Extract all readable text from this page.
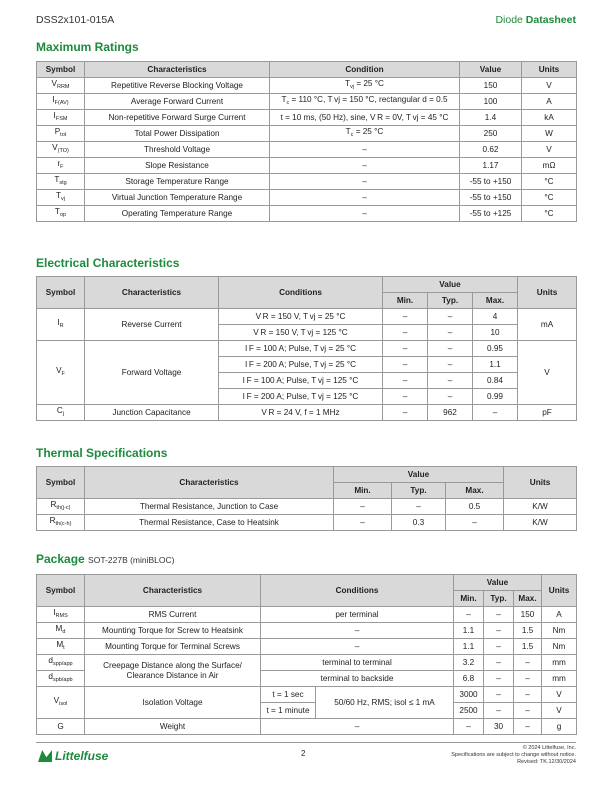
DSS2x101-015A	Diode Datasheet
Maximum Ratings
Symbol	Characteristics	Condition	Value	Units
$V_{RRM}$	Repetitive Reverse Blocking Voltage	$T_{vj} = 25$ °C	150	V
$I_{F(AV)}$	Average Forward Current	$T_c = 110$ °C, T vj = 150 °C, rectangular d = 0.5	100	A
$I_{FSM}$	Non-repetitive Forward Surge Current	t = 10 ms, (50 Hz), sine, V R = 0V, T vj = 45 °C	1.4	kA
$P_{tot}$	Total Power Dissipation	$T_c = 25$ °C	250	W
$V_{(TO)}$	Threshold Voltage	–	0.62	V
$r_F$	Slope Resistance	–	1.17	mΩ
$T_{stg}$	Storage Temperature Range	–	-55 to +150	°C
$T_{vj}$	Virtual Junction Temperature Range	–	-55 to +150	°C
$T_{op}$	Operating Temperature Range	–	-55 to +125	°C
Electrical Characteristics
Symbol	Characteristics	Conditions	Value			Units
			Min.	Typ.	Max.	
$I_R$	Reverse Current	V R = 150 V, T vj = 25 °C	–	–	4	mA
		V R = 150 V, T vj = 125 °C	–	–	10	
$V_F$	Forward Voltage	I F = 100 A; Pulse, T vj = 25 °C	–	–	0.95	V
		I F = 200 A; Pulse, T vj = 25 °C	–	–	1.1	
		I F = 100 A; Pulse, T vj = 125 °C	–	–	0.84	
		I F = 200 A; Pulse, T vj = 125 °C	–	–	0.99	
$C_j$	Junction Capacitance	V R = 24 V, f = 1 MHz	–	962	–	pF
Thermal Specifications
Symbol	Characteristics	Value			Units
		Min.	Typ.	Max.	
$R_{th(j-c)}$	Thermal Resistance, Junction to Case	–	–	0.5	K/W
$R_{th(c-h)}$	Thermal Resistance, Case to Heatsink	–	0.3	–	K/W
Package SOT-227B (miniBLOC)
Symbol	Characteristics	Conditions		Value			Units
				Min.	Typ.	Max.	
$I_{RMS}$	RMS Current	per terminal		–	–	150	A
$M_d$	Mounting Torque for Screw to Heatsink	–		1.1	–	1.5	Nm
$M_t$	Mounting Torque for Terminal Screws	–		1.1	–	1.5	Nm
$d_{spp/app}$	Creepage Distance along the Surface/ Clearance Distance in Air	terminal to terminal		3.2	–	–	mm
$d_{spb/apb}$		terminal to backside		6.8	–	–	mm
$V_{isol}$	Isolation Voltage	t = 1 sec	50/60 Hz, RMS; isol ≤ 1 mA	3000	–	–	V
		t = 1 minute		2500	–	–	V
G	Weight	–		–	30	–	g
Littelfuse	2
© 2024 Littelfuse, Inc.
Specifications are subject to change without notice.
Revised: TK.12/30/2024
